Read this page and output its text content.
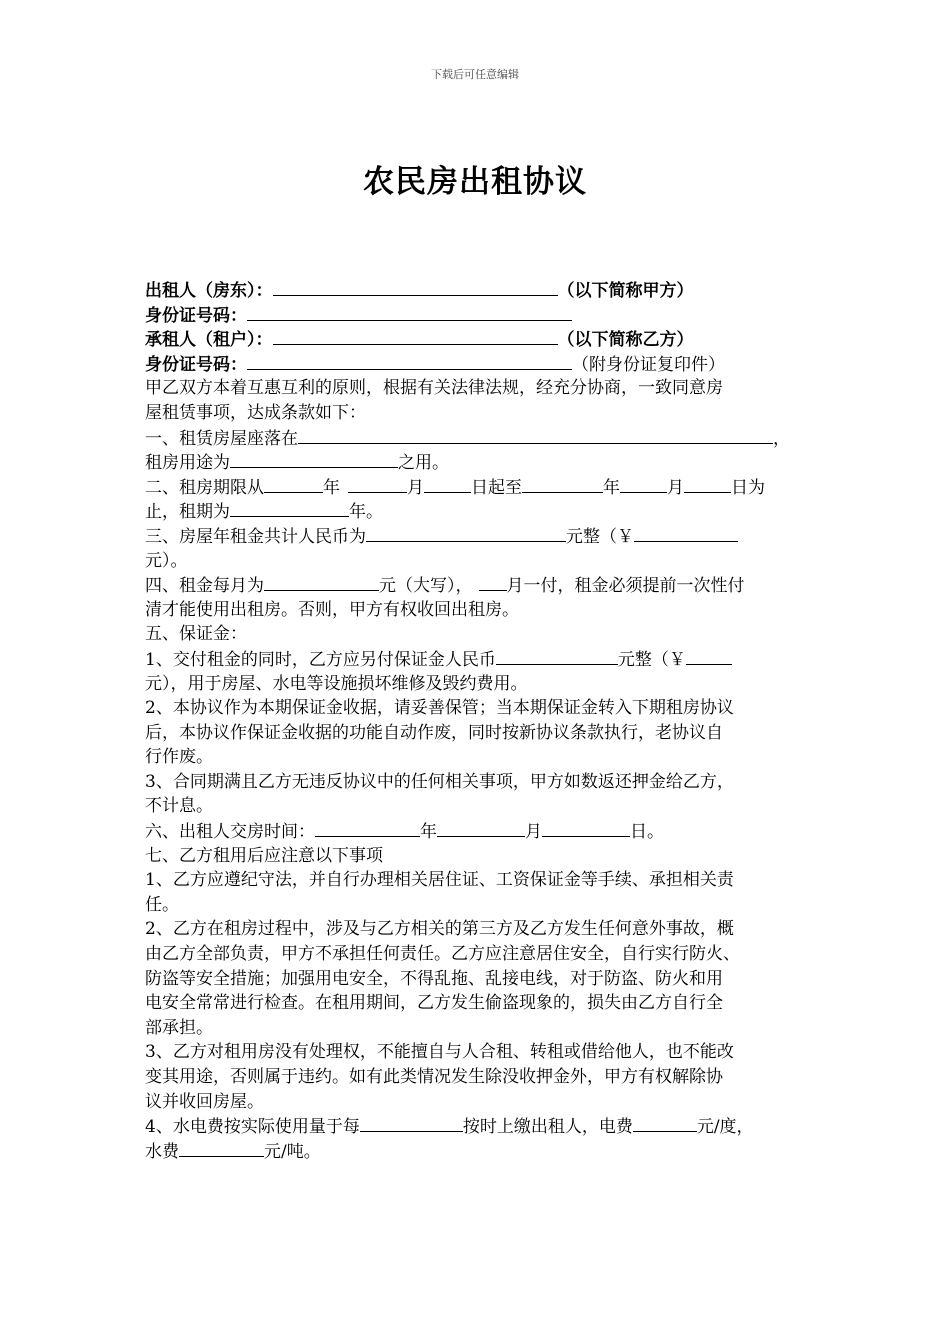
下载后可任意编辑
农民房出租协议
出租人（房东）：	（以下简称甲方）
身份证号码：
承租人（租户）：	（以下简称乙方）
身份证号码：	（附身份证复印件）
甲乙双方本着互惠互利的原则，根据有关法律法规，经充分协商，一致同意房
屋租赁事项，达成条款如下：
一、租赁房屋座落在	，
租房用途为	之用。
二、租房期限从	年	月	日起至	年	月	日为
止，租期为	年。
三、房屋年租金共计人民币为	元整（￥
元）。
四、租金每月为	元（大写）， 月一付，租金必须提前一次性付
清才能使用出租房。否则，甲方有权收回出租房。
五、保证金：
1、交付租金的同时，乙方应另付保证金人民币	元整（￥
元），用于房屋、水电等设施损坏维修及毁约费用。
2、本协议作为本期保证金收据，请妥善保管；当本期保证金转入下期租房协议
后，本协议作保证金收据的功能自动作废，同时按新协议条款执行，老协议自
行作废。
3、合同期满且乙方无违反协议中的任何相关事项，甲方如数返还押金给乙方，
不计息。
六、出租人交房时间：	年	月	日。
七、乙方租用后应注意以下事项
1、乙方应遵纪守法，并自行办理相关居住证、工资保证金等手续、承担相关责
任。
2、乙方在租房过程中，涉及与乙方相关的第三方及乙方发生任何意外事故，概
由乙方全部负责，甲方不承担任何责任。乙方应注意居住安全，自行实行防火、
防盗等安全措施；加强用电安全，不得乱拖、乱接电线，对于防盗、防火和用
电安全常常进行检查。在租用期间，乙方发生偷盗现象的，损失由乙方自行全
部承担。
3、乙方对租用房没有处理权，不能擅自与人合租、转租或借给他人，也不能改
变其用途，否则属于违约。如有此类情况发生除没收押金外，甲方有权解除协
议并收回房屋。
4、水电费按实际使用量于每	按时上缴出租人，电费	元/度，
水费	元/吨。
